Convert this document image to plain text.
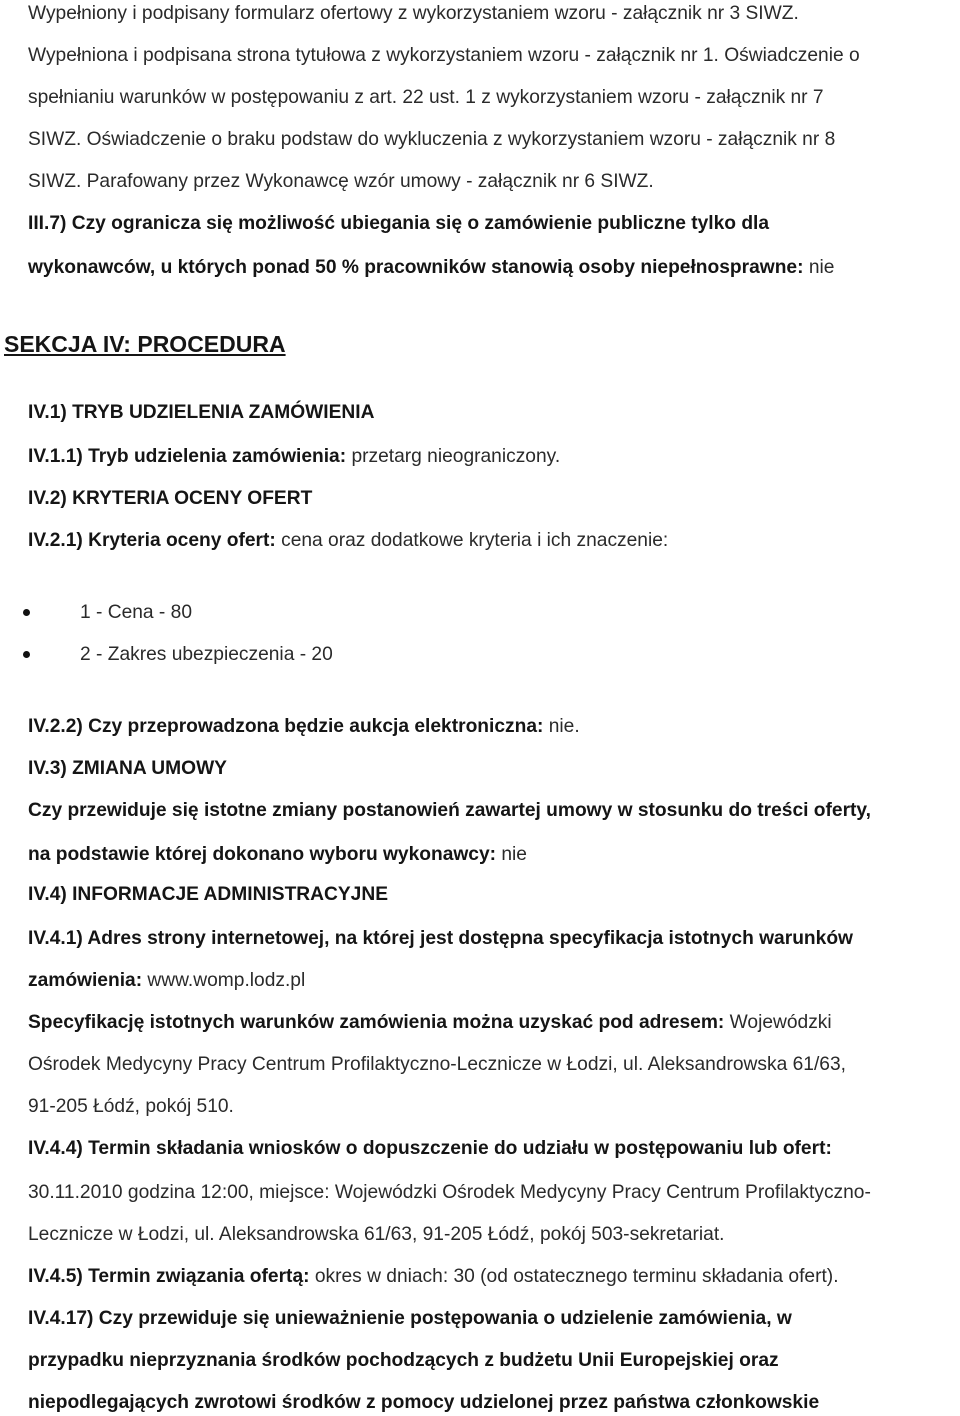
Wypełniony i podpisany formularz ofertowy z wykorzystaniem wzoru - załącznik nr 3 SIWZ.
Wypełniona i podpisana strona tytułowa z wykorzystaniem wzoru - załącznik nr 1. Oświadczenie o
spełnianiu warunków w postępowaniu z art. 22 ust. 1 z wykorzystaniem wzoru - załącznik nr 7
SIWZ. Oświadczenie o braku podstaw do wykluczenia z wykorzystaniem wzoru - załącznik nr 8
SIWZ. Parafowany przez Wykonawcę wzór umowy - załącznik nr 6 SIWZ.
III.7) Czy ogranicza się możliwość ubiegania się o zamówienie publiczne tylko dla
wykonawców, u których ponad 50 % pracowników stanowią osoby niepełnosprawne: nie
SEKCJA IV: PROCEDURA
IV.1) TRYB UDZIELENIA ZAMÓWIENIA
IV.1.1) Tryb udzielenia zamówienia: przetarg nieograniczony.
IV.2) KRYTERIA OCENY OFERT
IV.2.1) Kryteria oceny ofert: cena oraz dodatkowe kryteria i ich znaczenie:
1 - Cena - 80
2 - Zakres ubezpieczenia - 20
IV.2.2) Czy przeprowadzona będzie aukcja elektroniczna: nie.
IV.3) ZMIANA UMOWY
Czy przewiduje się istotne zmiany postanowień zawartej umowy w stosunku do treści oferty,
na podstawie której dokonano wyboru wykonawcy: nie
IV.4) INFORMACJE ADMINISTRACYJNE
IV.4.1) Adres strony internetowej, na której jest dostępna specyfikacja istotnych warunków
zamówienia: www.womp.lodz.pl
Specyfikację istotnych warunków zamówienia można uzyskać pod adresem: Wojewódzki
Ośrodek Medycyny Pracy Centrum Profilaktyczno-Lecznicze w Łodzi, ul. Aleksandrowska 61/63,
91-205 Łódź, pokój 510.
IV.4.4) Termin składania wniosków o dopuszczenie do udziału w postępowaniu lub ofert:
30.11.2010 godzina 12:00, miejsce: Wojewódzki Ośrodek Medycyny Pracy Centrum Profilaktyczno-
Lecznicze w Łodzi, ul. Aleksandrowska 61/63, 91-205 Łódź, pokój 503-sekretariat.
IV.4.5) Termin związania ofertą: okres w dniach: 30 (od ostatecznego terminu składania ofert).
IV.4.17) Czy przewiduje się unieważnienie postępowania o udzielenie zamówienia, w
przypadku nieprzyznania środków pochodzących z budżetu Unii Europejskiej oraz
niepodlegających zwrotowi środków z pomocy udzielonej przez państwa członkowskie
